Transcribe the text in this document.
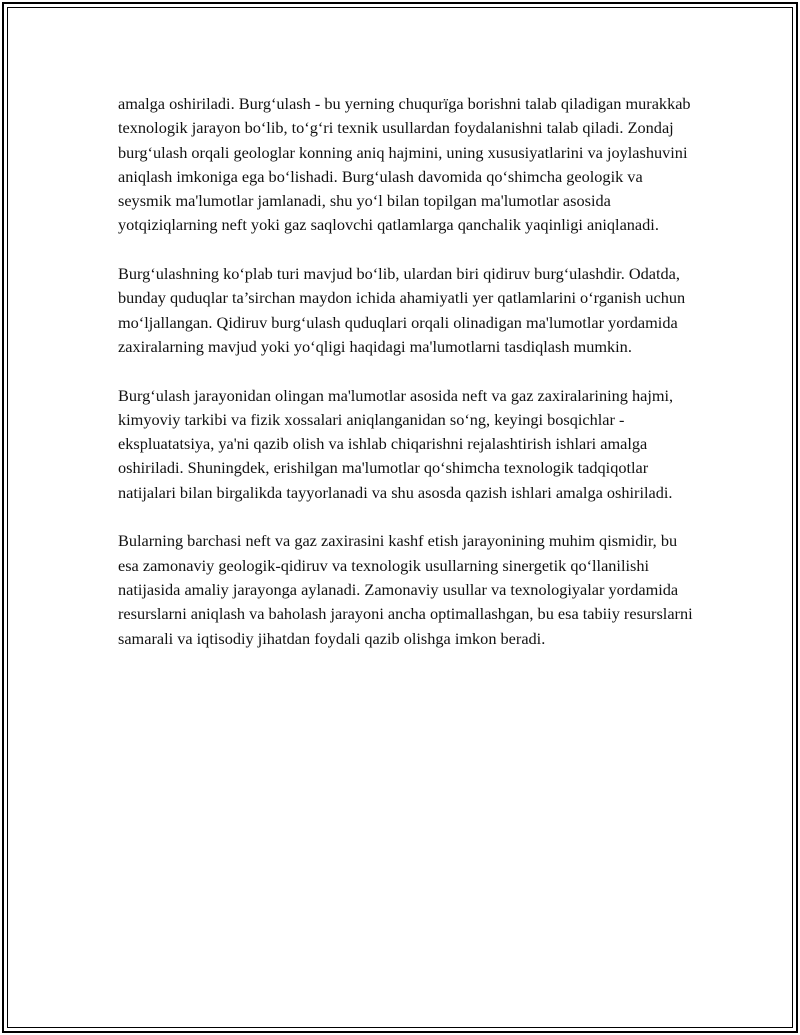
amalga oshiriladi. Burg‘ulash - bu yerning chuqurïga borishni talab qiladigan murakkab texnologik jarayon bo‘lib, to‘g‘ri texnik usullardan foydalanishni talab qiladi. Zondaj burg‘ulash orqali geologlar konning aniq hajmini, uning xususiyatlarini va joylashuvini aniqlash imkoniga ega bo‘lishadi. Burg‘ulash davomida qo‘shimcha geologik va seysmik ma'lumotlar jamlanadi, shu yo‘l bilan topilgan ma'lumotlar asosida yotqiziqlarning neft yoki gaz saqlovchi qatlamlarga qanchalik yaqinligi aniqlanadi.

Burg‘ulashning ko‘plab turi mavjud bo‘lib, ulardan biri qidiruv burg‘ulashdir. Odatda, bunday quduqlar ta’sirchan maydon ichida ahamiyatli yer qatlamlarini o‘rganish uchun mo‘ljallangan. Qidiruv burg‘ulash quduqlari orqali olinadigan ma'lumotlar yordamida zaxiralarning mavjud yoki yo‘qligi haqidagi ma'lumotlarni tasdiqlash mumkin.

Burg‘ulash jarayonidan olingan ma'lumotlar asosida neft va gaz zaxiralarining hajmi, kimyoviy tarkibi va fizik xossalari aniqlanganidan so‘ng, keyingi bosqichlar - ekspluatatsiya, ya'ni qazib olish va ishlab chiqarishni rejalashtirish ishlari amalga oshiriladi. Shuningdek, erishilgan ma'lumotlar qo‘shimcha texnologik tadqiqotlar natijalari bilan birgalikda tayyorlanadi va shu asosda qazish ishlari amalga oshiriladi.

Bularning barchasi neft va gaz zaxirasini kashf etish jarayonining muhim qismidir, bu esa zamonaviy geologik-qidiruv va texnologik usullarning sinergetik qo‘llanilishi natijasida amaliy jarayonga aylanadi. Zamonaviy usullar va texnologiyalar yordamida resurslarni aniqlash va baholash jarayoni ancha optimallashgan, bu esa tabiiy resurslarni samarali va iqtisodiy jihatdan foydali qazib olishga imkon beradi.
